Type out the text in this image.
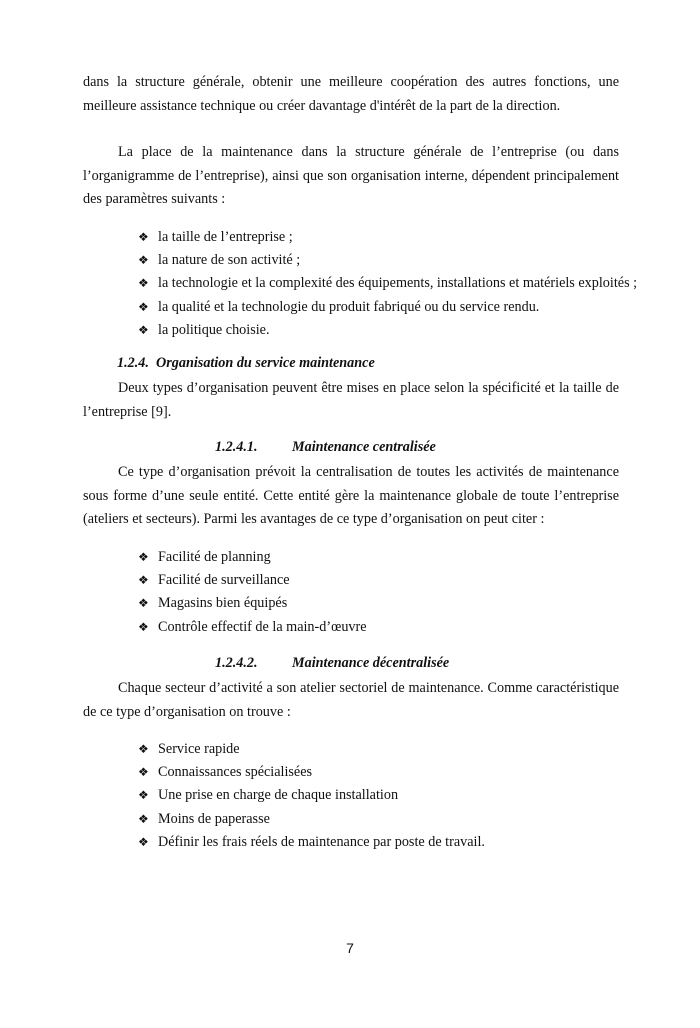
dans la structure générale, obtenir une meilleure coopération des autres fonctions, une meilleure assistance technique ou créer davantage d'intérêt de la part de la direction.

La place de la maintenance dans la structure générale de l’entreprise (ou dans l’organigramme de l’entreprise), ainsi que son organisation interne, dépendent principalement des paramètres suivants :

❖ la taille de l’entreprise ;
❖ la nature de son activité ;
❖ la technologie et la complexité des équipements, installations et matériels exploités ;
❖ la qualité et la technologie du produit fabriqué ou du service rendu.
❖ la politique choisie.
1.2.4. Organisation du service maintenance

Deux types d’organisation peuvent être mises en place selon la spécificité et la taille de l’entreprise [9].

1.2.4.1. Maintenance centralisée

Ce type d’organisation prévoit la centralisation de toutes les activités de maintenance sous forme d’une seule entité. Cette entité gère la maintenance globale de toute l’entreprise (ateliers et secteurs). Parmi les avantages de ce type d’organisation on peut citer :

❖ Facilité de planning
❖ Facilité de surveillance
❖ Magasins bien équipés
❖ Contrôle effectif de la main-d’œuvre
1.2.4.2. Maintenance décentralisée

Chaque secteur d’activité a son atelier sectoriel de maintenance. Comme caractéristique de ce type d’organisation on trouve :

❖ Service rapide
❖ Connaissances spécialisées
❖ Une prise en charge de chaque installation
❖ Moins de paperasse
❖ Définir les frais réels de maintenance par poste de travail.
7
